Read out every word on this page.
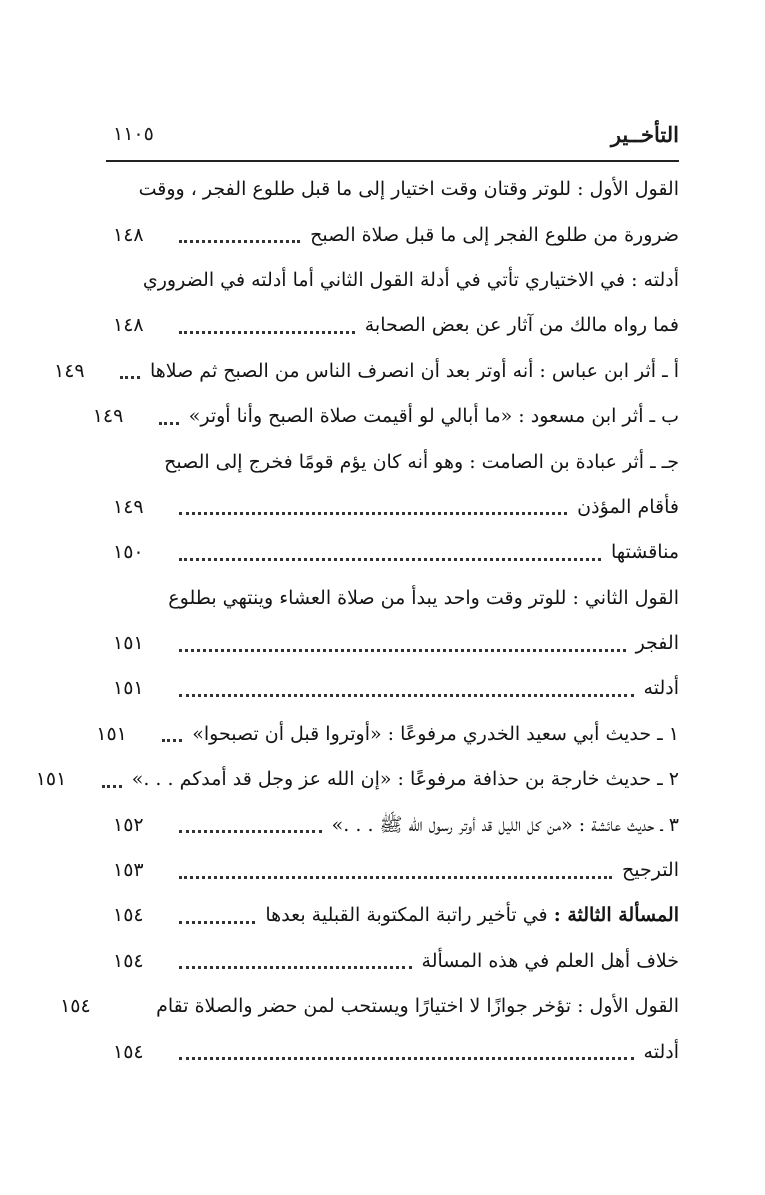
التأخــير
١١٠٥
القول الأول : للوتر وقتان وقت اختيار إلى ما قبل طلوع الفجر ، ووقت
ضرورة من طلوع الفجر إلى ما قبل صلاة الصبح
١٤٨
أدلته : في الاختياري تأتي في أدلة القول الثاني أما أدلته في الضروري
فما رواه مالك من آثار عن بعض الصحابة
١٤٨
أ ـ أثر ابن عباس : أنه أوتر بعد أن انصرف الناس من الصبح ثم صلاها
١٤٩
ب ـ أثر ابن مسعود : «ما أبالي لو أقيمت صلاة الصبح وأنا أوتر»
١٤٩
جـ ـ أثر عبادة بن الصامت : وهو أنه كان يؤم قومًا فخرج إلى الصبح
فأقام المؤذن
١٤٩
مناقشتها
١٥٠
القول الثاني : للوتر وقت واحد يبدأ من صلاة العشاء وينتهي بطلوع
الفجر
١٥١
أدلته
١٥١
١ ـ حديث أبي سعيد الخدري مرفوعًا : «أوتروا قبل أن تصبحوا»
١٥١
٢ ـ حديث خارجة بن حذافة مرفوعًا : «إن الله عز وجل قد أمدكم . . .»
١٥١
٣ ـ حديث عائشة : «من كل الليل قد أوتر رسول الله ﷺ . . .»
١٥٢
الترجيح
١٥٣
المسألة الثالثة : في تأخير راتبة المكتوبة القبلية بعدها
١٥٤
خلاف أهل العلم في هذه المسألة
١٥٤
القول الأول : تؤخر جوازًا لا اختيارًا ويستحب لمن حضر والصلاة تقام
١٥٤
أدلته
١٥٤
